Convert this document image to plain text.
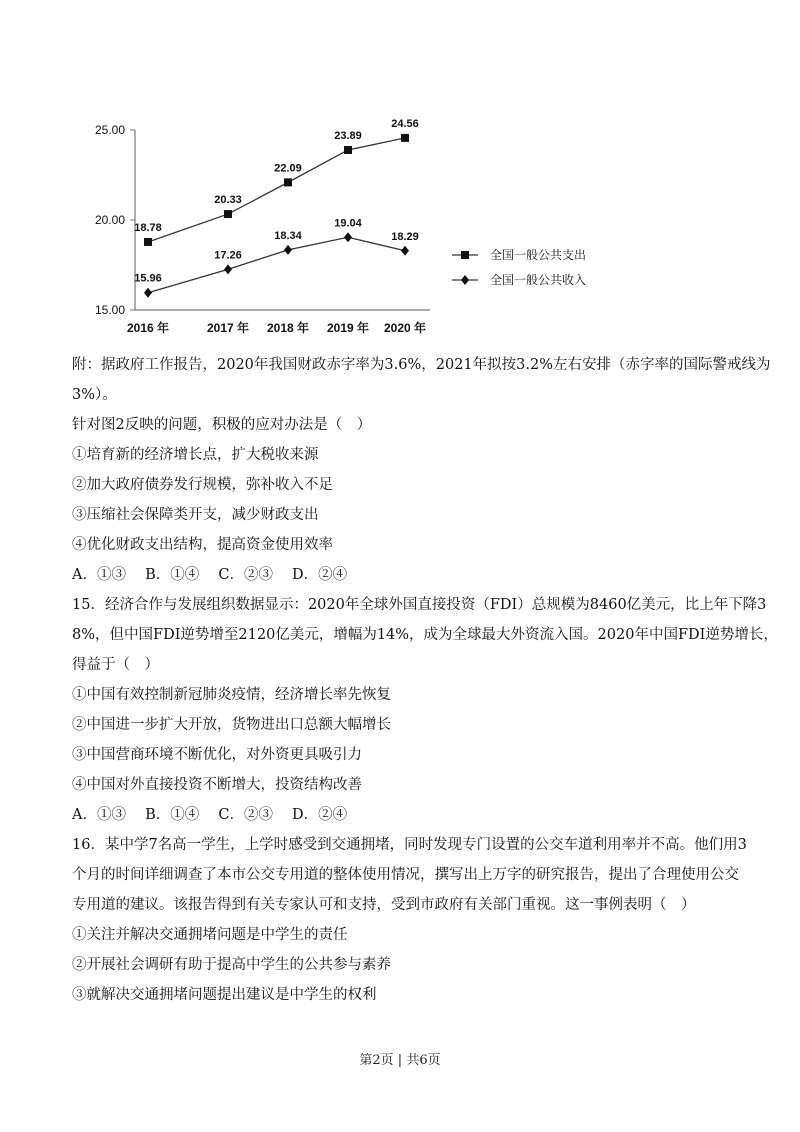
15.00
20.00
25.00
2016 年	2017 年 2018 年 2019 年 2020 年
18.78
20.33
22.09
23.89
24.56
15.96
17.26
18.34
19.04
18.29
全国一般公共支出
全国一般公共收入
附：据政府工作报告，2020年我国财政赤字率为3.6%，2021年拟按3.2%左右安排（赤字率的国际警戒线为
3%）。
针对图2反映的问题，积极的应对办法是（　）
①培育新的经济增长点，扩大税收来源
②加大政府债券发行规模，弥补收入不足
③压缩社会保障类开支，减少财政支出
④优化财政支出结构，提高资金使用效率
A．①③　 B．①④　 C．②③　 D．②④
15．经济合作与发展组织数据显示：2020年全球外国直接投资（FDI）总规模为8460亿美元，比上年下降3
8%，但中国FDI逆势增至2120亿美元，增幅为14%，成为全球最大外资流入国。2020年中国FDI逆势增长，
得益于（　）
①中国有效控制新冠肺炎疫情，经济增长率先恢复
②中国进一步扩大开放，货物进出口总额大幅增长
③中国营商环境不断优化，对外资更具吸引力
④中国对外直接投资不断增大，投资结构改善
A．①③　 B．①④　 C．②③　 D．②④
16．某中学7名高一学生，上学时感受到交通拥堵，同时发现专门设置的公交车道利用率并不高。他们用3
个月的时间详细调查了本市公交专用道的整体使用情况，撰写出上万字的研究报告，提出了合理使用公交
专用道的建议。该报告得到有关专家认可和支持，受到市政府有关部门重视。这一事例表明（　）
①关注并解决交通拥堵问题是中学生的责任
②开展社会调研有助于提高中学生的公共参与素养
③就解决交通拥堵问题提出建议是中学生的权利
第2页 | 共6页
